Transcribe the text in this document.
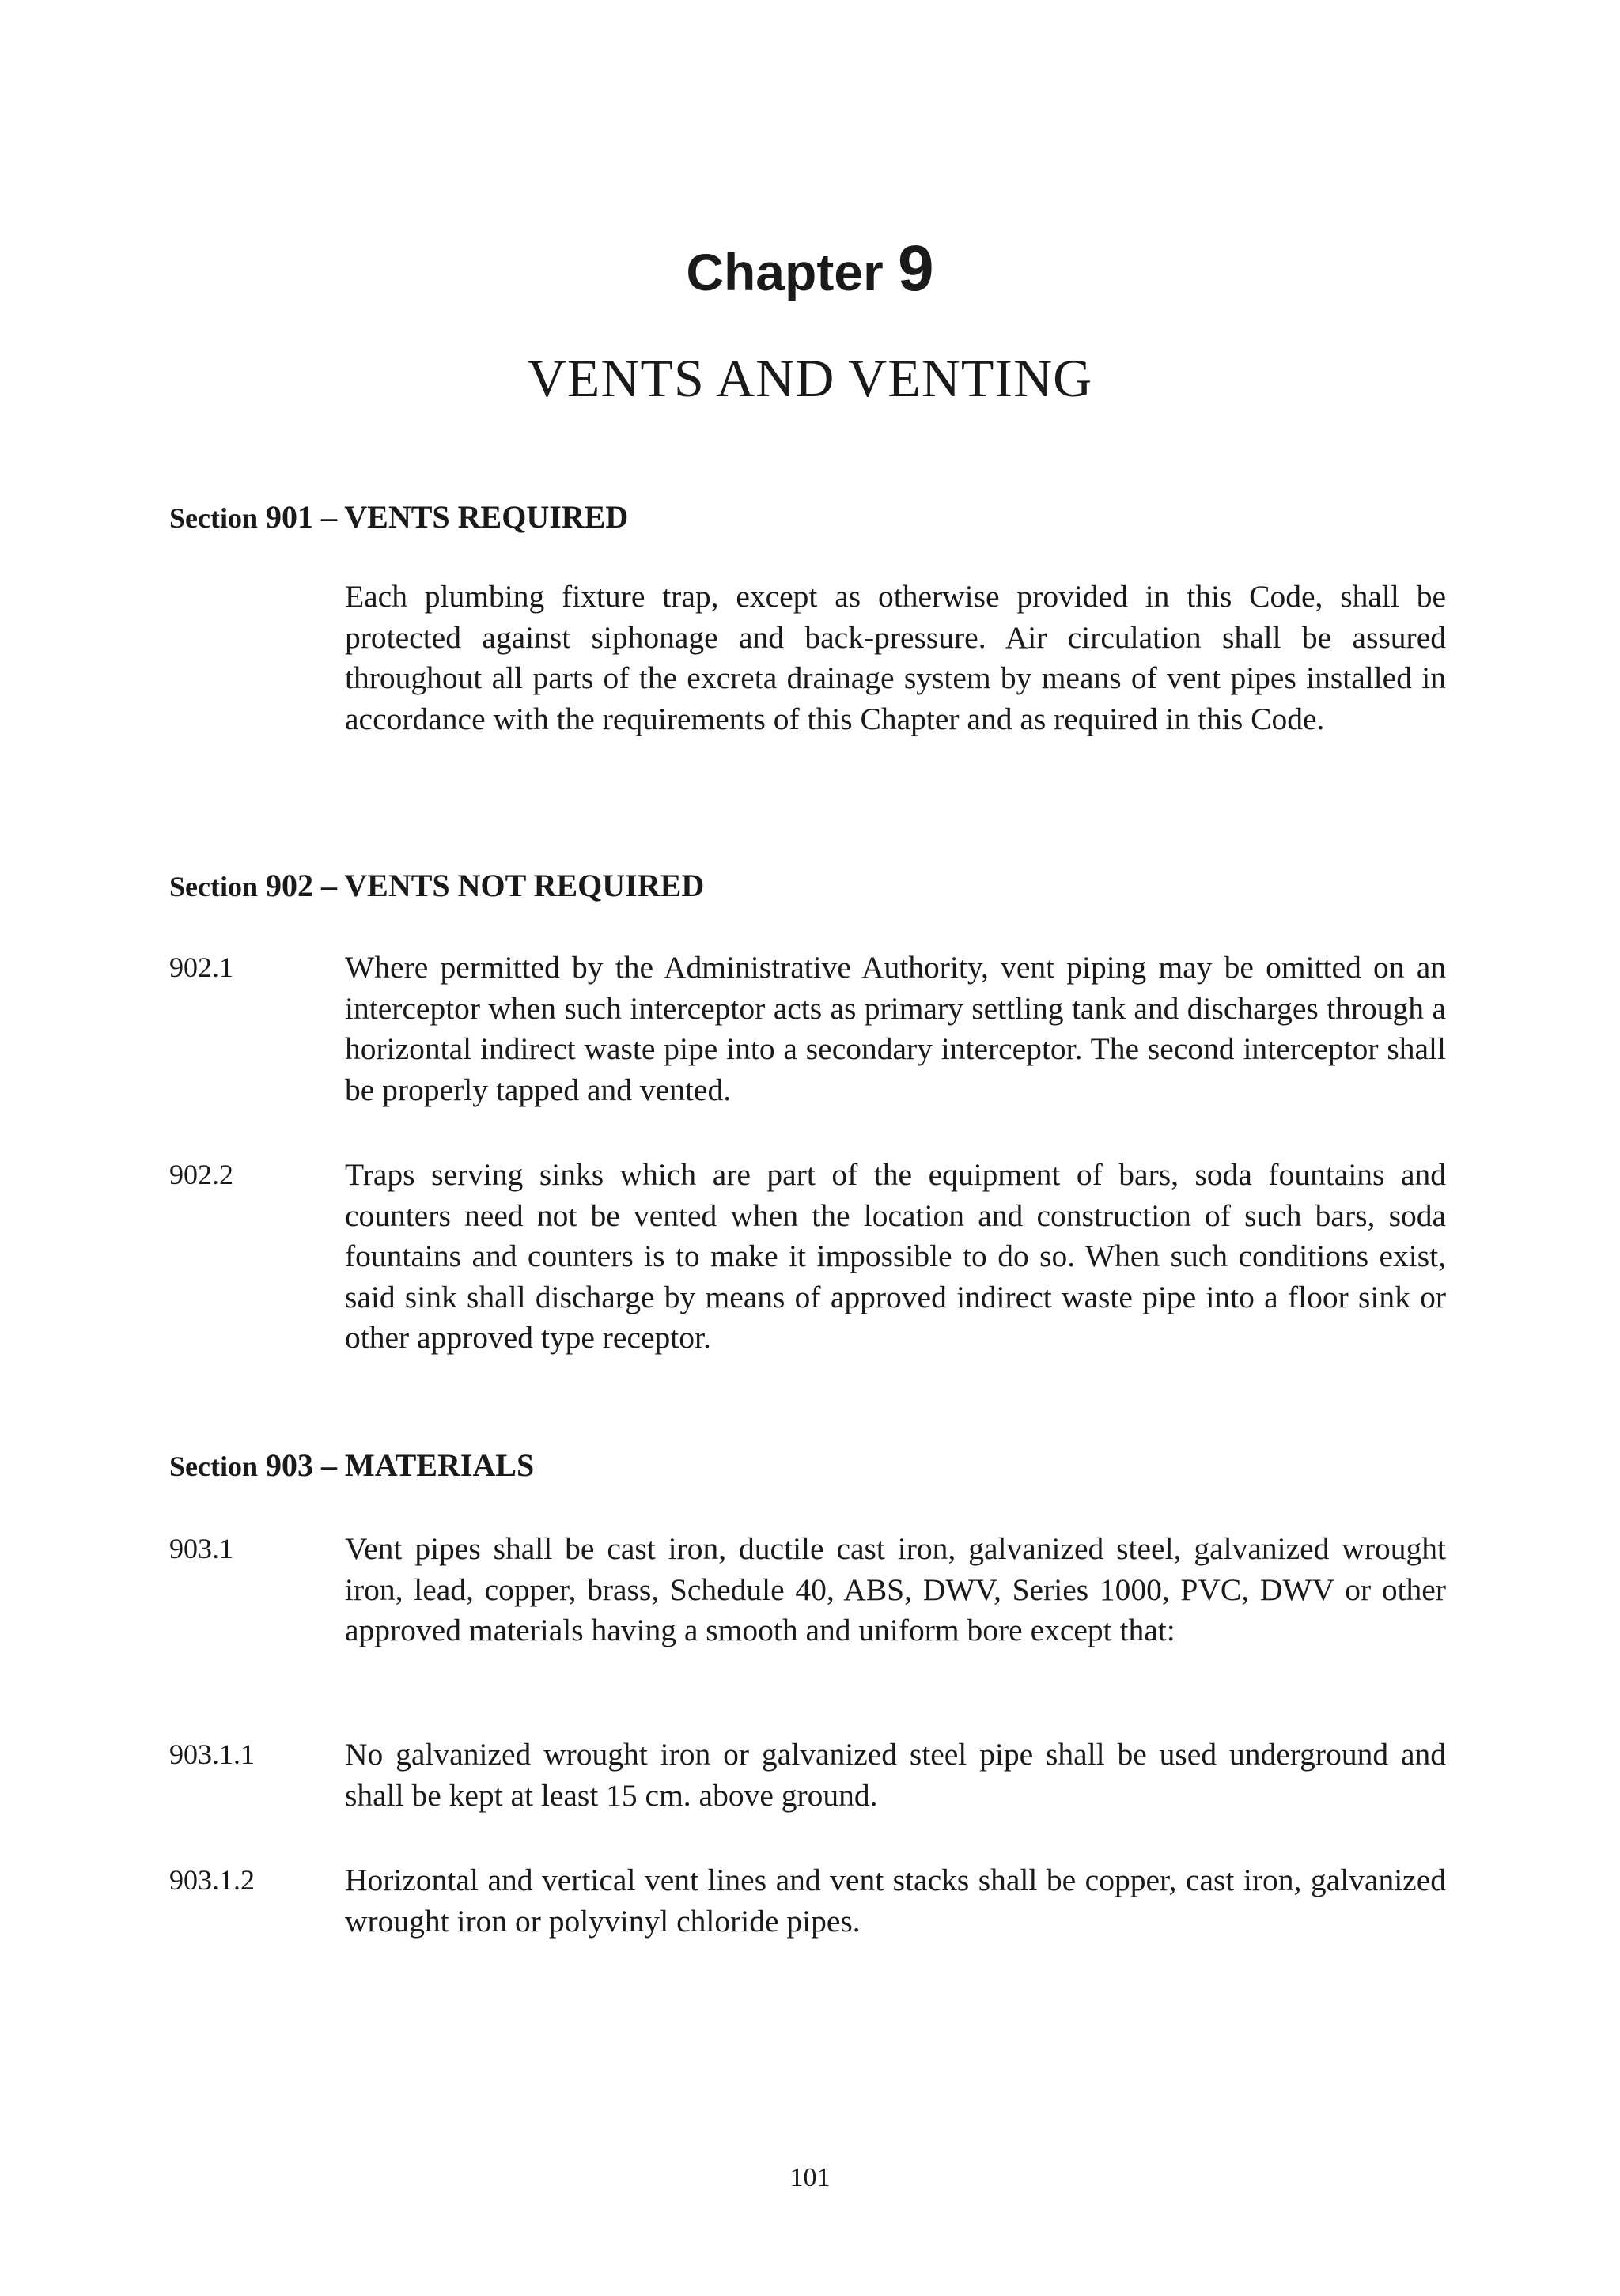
Chapter 9
VENTS AND VENTING
Section 901 – VENTS REQUIRED
Each plumbing fixture trap, except as otherwise provided in this Code, shall be protected against siphonage and back-pressure. Air circulation shall be assured throughout all parts of the excreta drainage system by means of vent pipes installed in accordance with the requirements of this Chapter and as required in this Code.
Section 902 – VENTS NOT REQUIRED
902.1	Where permitted by the Administrative Authority, vent piping may be omitted on an interceptor when such interceptor acts as primary settling tank and discharges through a horizontal indirect waste pipe into a secondary interceptor. The second interceptor shall be properly tapped and vented.
902.2	Traps serving sinks which are part of the equipment of bars, soda fountains and counters need not be vented when the location and construction of such bars, soda fountains and counters is to make it impossible to do so. When such conditions exist, said sink shall discharge by means of approved indirect waste pipe into a floor sink or other approved type receptor.
Section 903 – MATERIALS
903.1	Vent pipes shall be cast iron, ductile cast iron, galvanized steel, galvanized wrought iron, lead, copper, brass, Schedule 40, ABS, DWV, Series 1000, PVC, DWV or other approved materials having a smooth and uniform bore except that:
903.1.1	No galvanized wrought iron or galvanized steel pipe shall be used underground and shall be kept at least 15 cm. above ground.
903.1.2	Horizontal and vertical vent lines and vent stacks shall be copper, cast iron, galvanized wrought iron or polyvinyl chloride pipes.
101
